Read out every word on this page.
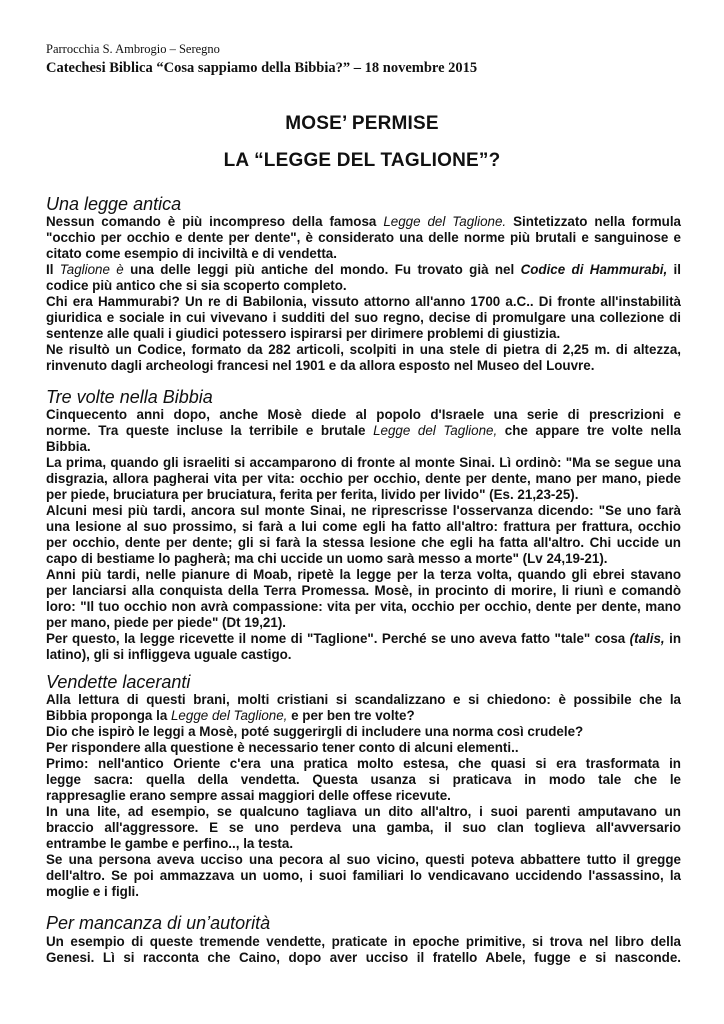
Parrocchia S. Ambrogio – Seregno
Catechesi Biblica “Cosa sappiamo della Bibbia?” – 18 novembre 2015
MOSE’ PERMISE
LA “LEGGE DEL TAGLIONE”?
Una legge antica
Nessun comando è più incompreso della famosa Legge del Taglione. Sintetizzato nella formula
"occhio per occhio e dente per dente", è considerato una delle norme più brutali e sanguinose e
citato come esempio di inciviltà e di vendetta.
Il Taglione è una delle leggi più antiche del mondo. Fu trovato già nel Codice di Hammurabi, il
codice più antico che si sia scoperto completo.
Chi era Hammurabi? Un re di Babilonia, vissuto attorno all'anno 1700 a.C.. Di fronte all'instabilità
giuridica e sociale in cui vivevano i sudditi del suo regno, decise di promulgare una collezione di
sentenze alle quali i giudici potessero ispirarsi per dirimere problemi di giustizia.
Ne risultò un Codice, formato da 282 articoli, scolpiti in una stele di pietra di 2,25 m. di altezza,
rinvenuto dagli archeologi francesi nel 1901 e da allora esposto nel Museo del Louvre.
Tre volte nella Bibbia
Cinquecento anni dopo, anche Mosè diede al popolo d'Israele una serie di prescrizioni e
norme. Tra queste incluse la terribile e brutale Legge del Taglione, che appare tre volte nella
Bibbia.
La prima, quando gli israeliti si accamparono di fronte al monte Sinai. Lì ordinò: "Ma se segue una
disgrazia, allora pagherai vita per vita: occhio per occhio, dente per dente, mano per mano, piede
per piede, bruciatura per bruciatura, ferita per ferita, livido per livido" (Es. 21,23-25).
Alcuni mesi più tardi, ancora sul monte Sinai, ne riprescrisse l'osservanza dicendo: "Se uno farà
una lesione al suo prossimo, si farà a lui come egli ha fatto all'altro: frattura per frattura, occhio
per occhio, dente per dente; gli si farà la stessa lesione che egli ha fatta all'altro. Chi uccide un
capo di bestiame lo pagherà; ma chi uccide un uomo sarà messo a morte" (Lv 24,19-21).
Anni più tardi, nelle pianure di Moab, ripetè la legge per la terza volta, quando gli ebrei stavano
per lanciarsi alla conquista della Terra Promessa. Mosè, in procinto di morire, li riunì e comandò
loro: "Il tuo occhio non avrà compassione: vita per vita, occhio per occhio, dente per dente, mano
per mano, piede per piede" (Dt 19,21).
Per questo, la legge ricevette il nome di "Taglione". Perché se uno aveva fatto "tale" cosa (talis, in
latino), gli si infliggeva uguale castigo.
Vendette laceranti
Alla lettura di questi brani, molti cristiani si scandalizzano e si chiedono: è possibile che la
Bibbia proponga la Legge del Taglione, e per ben tre volte?
Dio che ispirò le leggi a Mosè, poté suggerirgli di includere una norma così crudele?
Per rispondere alla questione è necessario tener conto di alcuni elementi..
Primo: nell'antico Oriente c'era una pratica molto estesa, che quasi si era trasformata in
legge sacra: quella della vendetta. Questa usanza si praticava in modo tale che le
rappresaglie erano sempre assai maggiori delle offese ricevute.
In una lite, ad esempio, se qualcuno tagliava un dito all'altro, i suoi parenti amputavano un
braccio all'aggressore. E se uno perdeva una gamba, il suo clan toglieva all'avversario
entrambe le gambe e perfino.., la testa.
Se una persona aveva ucciso una pecora al suo vicino, questi poteva abbattere tutto il gregge
dell'altro. Se poi ammazzava un uomo, i suoi familiari lo vendicavano uccidendo l'assassino, la
moglie e i figli.
Per mancanza di un’autorità
Un esempio di queste tremende vendette, praticate in epoche primitive, si trova nel libro della
Genesi. Lì si racconta che Caino, dopo aver ucciso il fratello Abele, fugge e si nasconde.
